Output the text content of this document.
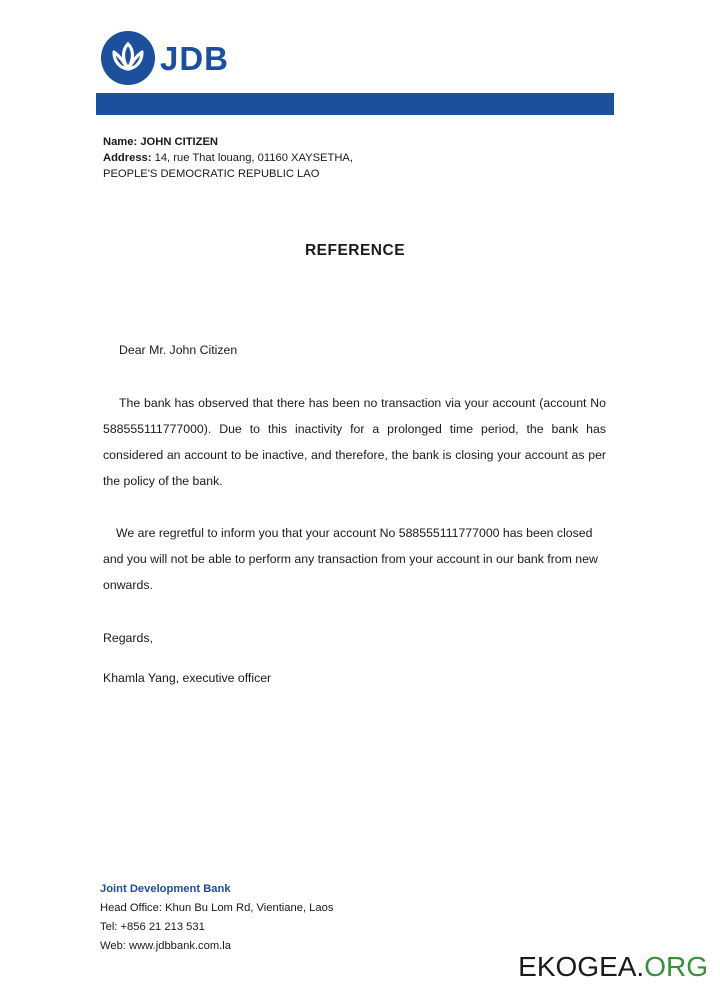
JDB
Name: JOHN CITIZEN
Address: 14, rue That louang, 01160 XAYSETHA,
PEOPLE'S DEMOCRATIC REPUBLIC LAO
REFERENCE
Dear Mr. John Citizen

The bank has observed that there has been no transaction via your account (account No 588555111777000). Due to this inactivity for a prolonged time period, the bank has considered an account to be inactive, and therefore, the bank is closing your account as per the policy of the bank.

We are regretful to inform you that your account No 588555111777000 has been closed and you will not be able to perform any transaction from your account in our bank from new onwards.

Regards,
Khamla Yang, executive officer
Joint Development Bank
Head Office: Khun Bu Lom Rd, Vientiane, Laos
Tel: +856 21 213 531
Web: www.jdbbank.com.la
EKOGEA.ORG
